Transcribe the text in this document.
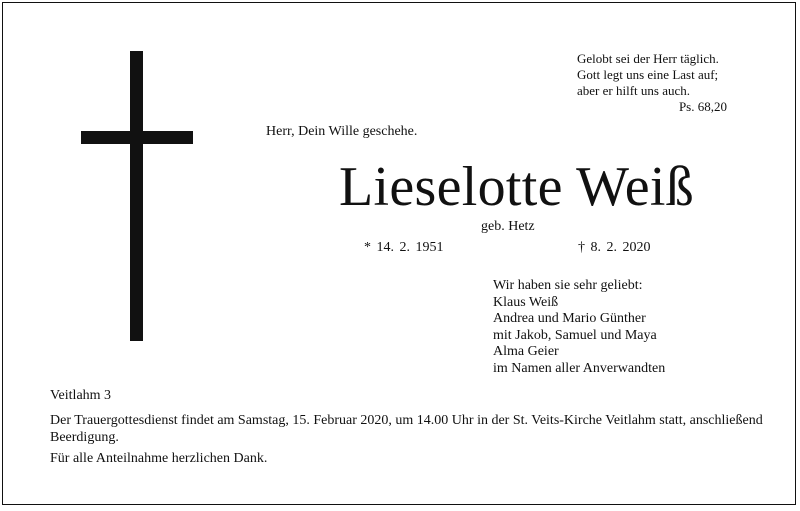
Gelobt sei der Herr täglich.
Gott legt uns eine Last auf;
aber er hilft uns auch.
Ps. 68,20
Herr, Dein Wille geschehe.
Lieselotte Weiß
geb. Hetz
* 14. 2. 1951	† 8. 2. 2020
Wir haben sie sehr geliebt:
Klaus Weiß
Andrea und Mario Günther
mit Jakob, Samuel und Maya
Alma Geier
im Namen aller Anverwandten
Veitlahm 3
Der Trauergottesdienst findet am Samstag, 15. Februar 2020, um 14.00 Uhr in der St. Veits-Kirche Veitlahm statt, anschließend Beerdigung.
Für alle Anteilnahme herzlichen Dank.
